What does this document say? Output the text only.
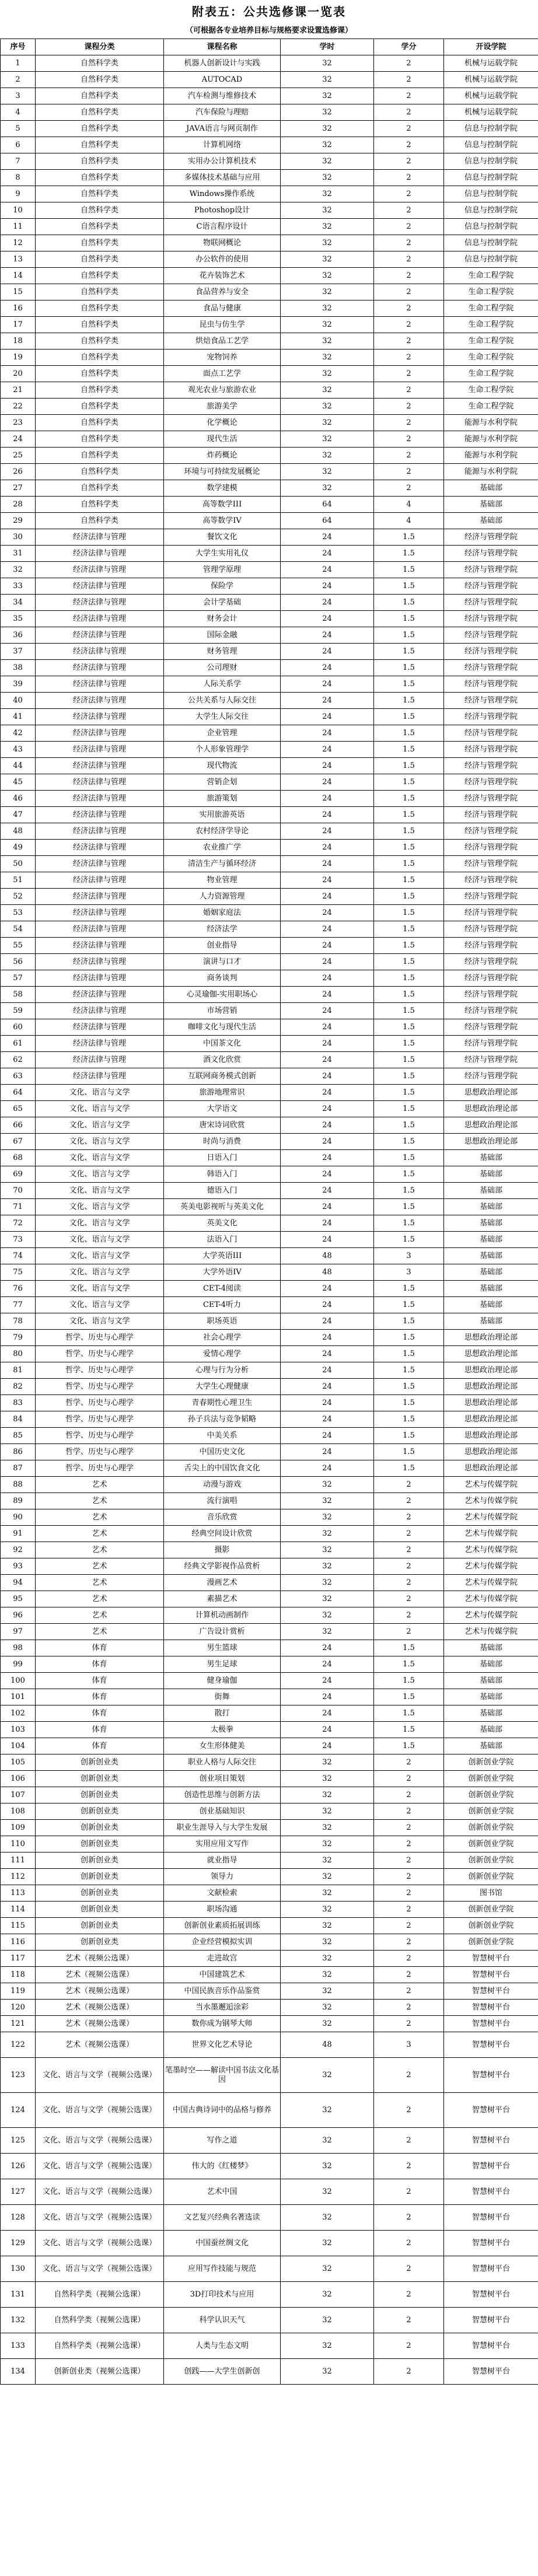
附表五：公共选修课一览表
（可根据各专业培养目标与规格要求设置选修课）
序号	课程分类	课程名称	学时	学分	开设学院
1	自然科学类	机器人创新设计与实践	32	2	机械与运载学院
2	自然科学类	AUTOCAD	32	2	机械与运载学院
3	自然科学类	汽车检测与维修技术	32	2	机械与运载学院
4	自然科学类	汽车保险与理赔	32	2	机械与运载学院
5	自然科学类	JAVA语言与网页制作	32	2	信息与控制学院
6	自然科学类	计算机网络	32	2	信息与控制学院
7	自然科学类	实用办公计算机技术	32	2	信息与控制学院
8	自然科学类	多媒体技术基础与应用	32	2	信息与控制学院
9	自然科学类	Windows操作系统	32	2	信息与控制学院
10	自然科学类	Photoshop设计	32	2	信息与控制学院
11	自然科学类	C语言程序设计	32	2	信息与控制学院
12	自然科学类	物联网概论	32	2	信息与控制学院
13	自然科学类	办公软件的使用	32	2	信息与控制学院
14	自然科学类	花卉装饰艺术	32	2	生命工程学院
15	自然科学类	食品营养与安全	32	2	生命工程学院
16	自然科学类	食品与健康	32	2	生命工程学院
17	自然科学类	昆虫与仿生学	32	2	生命工程学院
18	自然科学类	烘焙食品工艺学	32	2	生命工程学院
19	自然科学类	宠物饲养	32	2	生命工程学院
20	自然科学类	面点工艺学	32	2	生命工程学院
21	自然科学类	观光农业与旅游农业	32	2	生命工程学院
22	自然科学类	旅游美学	32	2	生命工程学院
23	自然科学类	化学概论	32	2	能源与水利学院
24	自然科学类	现代生活	32	2	能源与水利学院
25	自然科学类	炸药概论	32	2	能源与水利学院
26	自然科学类	环境与可持续发展概论	32	2	能源与水利学院
27	自然科学类	数学建模	32	2	基础部
28	自然科学类	高等数学III	64	4	基础部
29	自然科学类	高等数学IV	64	4	基础部
30	经济法律与管理	餐饮文化	24	1.5	经济与管理学院
31	经济法律与管理	大学生实用礼仪	24	1.5	经济与管理学院
32	经济法律与管理	管理学原理	24	1.5	经济与管理学院
33	经济法律与管理	保险学	24	1.5	经济与管理学院
34	经济法律与管理	会计学基础	24	1.5	经济与管理学院
35	经济法律与管理	财务会计	24	1.5	经济与管理学院
36	经济法律与管理	国际金融	24	1.5	经济与管理学院
37	经济法律与管理	财务管理	24	1.5	经济与管理学院
38	经济法律与管理	公司理财	24	1.5	经济与管理学院
39	经济法律与管理	人际关系学	24	1.5	经济与管理学院
40	经济法律与管理	公共关系与人际交往	24	1.5	经济与管理学院
41	经济法律与管理	大学生人际交往	24	1.5	经济与管理学院
42	经济法律与管理	企业管理	24	1.5	经济与管理学院
43	经济法律与管理	个人形象管理学	24	1.5	经济与管理学院
44	经济法律与管理	现代物流	24	1.5	经济与管理学院
45	经济法律与管理	营销企划	24	1.5	经济与管理学院
46	经济法律与管理	旅游策划	24	1.5	经济与管理学院
47	经济法律与管理	实用旅游英语	24	1.5	经济与管理学院
48	经济法律与管理	农村经济学导论	24	1.5	经济与管理学院
49	经济法律与管理	农业推广学	24	1.5	经济与管理学院
50	经济法律与管理	清洁生产与循环经济	24	1.5	经济与管理学院
51	经济法律与管理	物业管理	24	1.5	经济与管理学院
52	经济法律与管理	人力资源管理	24	1.5	经济与管理学院
53	经济法律与管理	婚姻家庭法	24	1.5	经济与管理学院
54	经济法律与管理	经济法学	24	1.5	经济与管理学院
55	经济法律与管理	创业指导	24	1.5	经济与管理学院
56	经济法律与管理	演讲与口才	24	1.5	经济与管理学院
57	经济法律与管理	商务谈判	24	1.5	经济与管理学院
58	经济法律与管理	心灵瑜伽-实用职场心	24	1.5	经济与管理学院
59	经济法律与管理	市场营销	24	1.5	经济与管理学院
60	经济法律与管理	咖啡文化与现代生活	24	1.5	经济与管理学院
61	经济法律与管理	中国茶文化	24	1.5	经济与管理学院
62	经济法律与管理	酒文化欣赏	24	1.5	经济与管理学院
63	经济法律与管理	互联网商务模式创新	24	1.5	经济与管理学院
64	文化、语言与文学	旅游地理常识	24	1.5	思想政治理论部
65	文化、语言与文学	大学语文	24	1.5	思想政治理论部
66	文化、语言与文学	唐宋诗词欣赏	24	1.5	思想政治理论部
67	文化、语言与文学	时尚与消费	24	1.5	思想政治理论部
68	文化、语言与文学	日语入门	24	1.5	基础部
69	文化、语言与文学	韩语入门	24	1.5	基础部
70	文化、语言与文学	德语入门	24	1.5	基础部
71	文化、语言与文学	英美电影视听与英美文化	24	1.5	基础部
72	文化、语言与文学	英美文化	24	1.5	基础部
73	文化、语言与文学	法语入门	24	1.5	基础部
74	文化、语言与文学	大学英语III	48	3	基础部
75	文化、语言与文学	大学外语IV	48	3	基础部
76	文化、语言与文学	CET-4阅读	24	1.5	基础部
77	文化、语言与文学	CET-4听力	24	1.5	基础部
78	文化、语言与文学	职场英语	24	1.5	基础部
79	哲学、历史与心理学	社会心理学	24	1.5	思想政治理论部
80	哲学、历史与心理学	爱情心理学	24	1.5	思想政治理论部
81	哲学、历史与心理学	心理与行为分析	24	1.5	思想政治理论部
82	哲学、历史与心理学	大学生心理健康	24	1.5	思想政治理论部
83	哲学、历史与心理学	青春期性心理卫生	24	1.5	思想政治理论部
84	哲学、历史与心理学	孙子兵法与竞争韬略	24	1.5	思想政治理论部
85	哲学、历史与心理学	中美关系	24	1.5	思想政治理论部
86	哲学、历史与心理学	中国历史文化	24	1.5	思想政治理论部
87	哲学、历史与心理学	舌尖上的中国饮食文化	24	1.5	思想政治理论部
88	艺术	动漫与游戏	32	2	艺术与传媒学院
89	艺术	流行演唱	32	2	艺术与传媒学院
90	艺术	音乐欣赏	32	2	艺术与传媒学院
91	艺术	经典空间设计欣赏	32	2	艺术与传媒学院
92	艺术	摄影	32	2	艺术与传媒学院
93	艺术	经典文学影视作品赏析	32	2	艺术与传媒学院
94	艺术	漫画艺术	32	2	艺术与传媒学院
95	艺术	素描艺术	32	2	艺术与传媒学院
96	艺术	计算机动画制作	32	2	艺术与传媒学院
97	艺术	广告设计赏析	32	2	艺术与传媒学院
98	体育	男生篮球	24	1.5	基础部
99	体育	男生足球	24	1.5	基础部
100	体育	健身瑜伽	24	1.5	基础部
101	体育	街舞	24	1.5	基础部
102	体育	散打	24	1.5	基础部
103	体育	太极拳	24	1.5	基础部
104	体育	女生形体健美	24	1.5	基础部
105	创新创业类	职业人格与人际交往	32	2	创新创业学院
106	创新创业类	创业项目策划	32	2	创新创业学院
107	创新创业类	创造性思维与创新方法	32	2	创新创业学院
108	创新创业类	创业基础知识	32	2	创新创业学院
109	创新创业类	职业生涯导入与大学生发展	32	2	创新创业学院
110	创新创业类	实用应用文写作	32	2	创新创业学院
111	创新创业类	就业指导	32	2	创新创业学院
112	创新创业类	领导力	32	2	创新创业学院
113	创新创业类	文献检索	32	2	图书馆
114	创新创业类	职场沟通	32	2	创新创业学院
115	创新创业类	创新创业素质拓展训练	32	2	创新创业学院
116	创新创业类	企业经营模拟实训	32	2	创新创业学院
117	艺术（视频公选课）	走进故宫	32	2	智慧树平台
118	艺术（视频公选课）	中国建筑艺术	32	2	智慧树平台
119	艺术（视频公选课）	中国民族音乐作品鉴赏	32	2	智慧树平台
120	艺术（视频公选课）	当水墨邂逅涂彩	32	2	智慧树平台
121	艺术（视频公选课）	数你成为钢琴大师	32	2	智慧树平台
122	艺术（视频公选课）	世界文化艺术导论	48	3	智慧树平台
123	文化、语言与文学（视频公选课）	笔墨时空——解读中国书法文化基因	32	2	智慧树平台
124	文化、语言与文学（视频公选课）	中国古典诗词中的品格与修养	32	2	智慧树平台
125	文化、语言与文学（视频公选课）	写作之道	32	2	智慧树平台
126	文化、语言与文学（视频公选课）	伟大的《红楼梦》	32	2	智慧树平台
127	文化、语言与文学（视频公选课）	艺术中国	32	2	智慧树平台
128	文化、语言与文学（视频公选课）	文艺复兴经典名著选读	32	2	智慧树平台
129	文化、语言与文学（视频公选课）	中国蚕丝绸文化	32	2	智慧树平台
130	文化、语言与文学（视频公选课）	应用写作技能与规范	32	2	智慧树平台
131	自然科学类（视频公选课）	3D打印技术与应用	32	2	智慧树平台
132	自然科学类（视频公选课）	科学认识天气	32	2	智慧树平台
133	自然科学类（视频公选课）	人类与生态文明	32	2	智慧树平台
134	创新创业类（视频公选课）	创践——大学生创新创	32	2	智慧树平台
